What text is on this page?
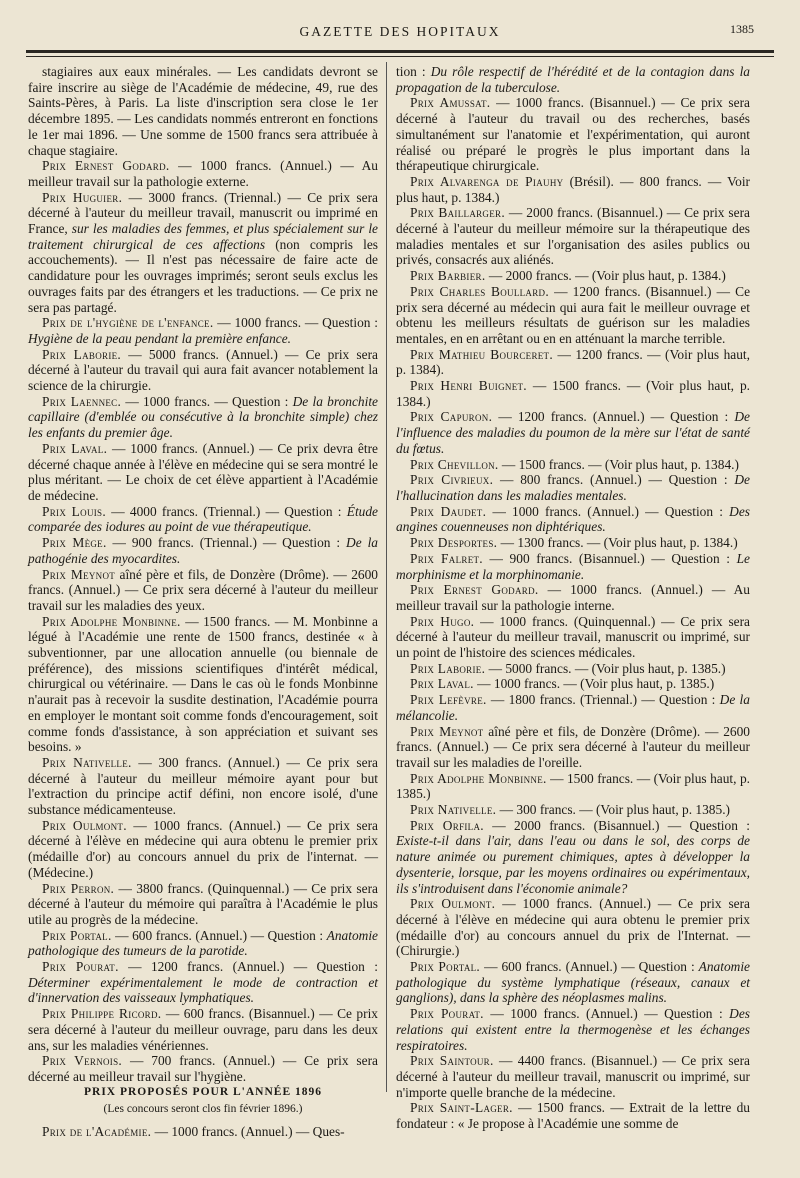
GAZETTE DES HOPITAUX	1385

stagiaires aux eaux minérales. — Les candidats devront se faire inscrire au siège de l'Académie de médecine, 49, rue des Saints-Pères, à Paris. La liste d'inscription sera close le 1er décembre 1895. — Les candidats nommés entreront en fonctions le 1er mai 1896. — Une somme de 1500 francs sera attribuée à chaque stagiaire.

Prix Ernest Godard. — 1000 francs. (Annuel.) — Au meilleur travail sur la pathologie externe.

Prix Huguier. — 3000 francs. (Triennal.) — Ce prix sera décerné à l'auteur du meilleur travail, manuscrit ou imprimé en France, sur les maladies des femmes, et plus spécialement sur le traitement chirurgical de ces affections (non compris les accouchements). — Il n'est pas nécessaire de faire acte de candidature pour les ouvrages imprimés; seront seuls exclus les ouvrages faits par des étrangers et les traductions. — Ce prix ne sera pas partagé.

Prix de l'hygiène de l'enfance. — 1000 francs. — Question : Hygiène de la peau pendant la première enfance.

Prix Laborie. — 5000 francs. (Annuel.) — Ce prix sera décerné à l'auteur du travail qui aura fait avancer notablement la science de la chirurgie.

Prix Laennec. — 1000 francs. — Question : De la bronchite capillaire (d'emblée ou consécutive à la bronchite simple) chez les enfants du premier âge.

Prix Laval. — 1000 francs. (Annuel.) — Ce prix devra être décerné chaque année à l'élève en médecine qui se sera montré le plus méritant. — Le choix de cet élève appartient à l'Académie de médecine.

Prix Louis. — 4000 francs. (Triennal.) — Question : Étude comparée des iodures au point de vue thérapeutique.

Prix Mège. — 900 francs. (Triennal.) — Question : De la pathogénie des myocardites.

Prix Meynot aîné père et fils, de Donzère (Drôme). — 2600 francs. (Annuel.) — Ce prix sera décerné à l'auteur du meilleur travail sur les maladies des yeux.

Prix Adolphe Monbinne. — 1500 francs. — M. Monbinne a légué à l'Académie une rente de 1500 francs, destinée « à subventionner, par une allocation annuelle (ou biennale de préférence), des missions scientifiques d'intérêt médical, chirurgical ou vétérinaire. — Dans le cas où le fonds Monbinne n'aurait pas à recevoir la susdite destination, l'Académie pourra en employer le montant soit comme fonds d'encouragement, soit comme fonds d'assistance, à son appréciation et suivant ses besoins. »

Prix Nativelle. — 300 francs. (Annuel.) — Ce prix sera décerné à l'auteur du meilleur mémoire ayant pour but l'extraction du principe actif défini, non encore isolé, d'une substance médicamenteuse.

Prix Oulmont. — 1000 francs. (Annuel.) — Ce prix sera décerné à l'élève en médecine qui aura obtenu le premier prix (médaille d'or) au concours annuel du prix de l'internat. — (Médecine.)

Prix Perron. — 3800 francs. (Quinquennal.) — Ce prix sera décerné à l'auteur du mémoire qui paraîtra à l'Académie le plus utile au progrès de la médecine.

Prix Portal. — 600 francs. (Annuel.) — Question : Anatomie pathologique des tumeurs de la parotide.

Prix Pourat. — 1200 francs. (Annuel.) — Question : Déterminer expérimentalement le mode de contraction et d'innervation des vaisseaux lymphatiques.

Prix Philippe Ricord. — 600 francs. (Bisannuel.) — Ce prix sera décerné à l'auteur du meilleur ouvrage, paru dans les deux ans, sur les maladies vénériennes.

Prix Vernois. — 700 francs. (Annuel.) — Ce prix sera décerné au meilleur travail sur l'hygiène.

PRIX PROPOSÉS POUR L'ANNÉE 1896

(Les concours seront clos fin février 1896.)

Prix de l'Académie. — 1000 francs. (Annuel.) — Ques-

tion : Du rôle respectif de l'hérédité et de la contagion dans la propagation de la tuberculose.

Prix Amussat. — 1000 francs. (Bisannuel.) — Ce prix sera décerné à l'auteur du travail ou des recherches, basés simultanément sur l'anatomie et l'expérimentation, qui auront réalisé ou préparé le progrès le plus important dans la thérapeutique chirurgicale.

Prix Alvarenga de Piauhy (Brésil). — 800 francs. — Voir plus haut, p. 1384.)

Prix Baillarger. — 2000 francs. (Bisannuel.) — Ce prix sera décerné à l'auteur du meilleur mémoire sur la thérapeutique des maladies mentales et sur l'organisation des asiles publics ou privés, consacrés aux aliénés.

Prix Barbier. — 2000 francs. — (Voir plus haut, p. 1384.)

Prix Charles Boullard. — 1200 francs. (Bisannuel.) — Ce prix sera décerné au médecin qui aura fait le meilleur ouvrage et obtenu les meilleurs résultats de guérison sur les maladies mentales, en en arrêtant ou en en atténuant la marche terrible.

Prix Mathieu Bourceret. — 1200 francs. — (Voir plus haut, p. 1384).

Prix Henri Buignet. — 1500 francs. — (Voir plus haut, p. 1384.)

Prix Capuron. — 1200 francs. (Annuel.) — Question : De l'influence des maladies du poumon de la mère sur l'état de santé du fœtus.

Prix Chevillon. — 1500 francs. — (Voir plus haut, p. 1384.)

Prix Civrieux. — 800 francs. (Annuel.) — Question : De l'hallucination dans les maladies mentales.

Prix Daudet. — 1000 francs. (Annuel.) — Question : Des angines couenneuses non diphtériques.

Prix Desportes. — 1300 francs. — (Voir plus haut, p. 1384.)

Prix Falret. — 900 francs. (Bisannuel.) — Question : Le morphinisme et la morphinomanie.

Prix Ernest Godard. — 1000 francs. (Annuel.) — Au meilleur travail sur la pathologie interne.

Prix Hugo. — 1000 francs. (Quinquennal.) — Ce prix sera décerné à l'auteur du meilleur travail, manuscrit ou imprimé, sur un point de l'histoire des sciences médicales.

Prix Laborie. — 5000 francs. — (Voir plus haut, p. 1385.)

Prix Laval. — 1000 francs. — (Voir plus haut, p. 1385.)

Prix Lefèvre. — 1800 francs. (Triennal.) — Question : De la mélancolie.

Prix Meynot aîné père et fils, de Donzère (Drôme). — 2600 francs. (Annuel.) — Ce prix sera décerné à l'auteur du meilleur travail sur les maladies de l'oreille.

Prix Adolphe Monbinne. — 1500 francs. — (Voir plus haut, p. 1385.)

Prix Nativelle. — 300 francs. — (Voir plus haut, p. 1385.)

Prix Orfila. — 2000 francs. (Bisannuel.) — Question : Existe-t-il dans l'air, dans l'eau ou dans le sol, des corps de nature animée ou purement chimiques, aptes à développer la dysenterie, lorsque, par les moyens ordinaires ou expérimentaux, ils s'introduisent dans l'économie animale?

Prix Oulmont. — 1000 francs. (Annuel.) — Ce prix sera décerné à l'élève en médecine qui aura obtenu le premier prix (médaille d'or) au concours annuel du prix de l'Internat. — (Chirurgie.)

Prix Portal. — 600 francs. (Annuel.) — Question : Anatomie pathologique du système lymphatique (réseaux, canaux et ganglions), dans la sphère des néoplasmes malins.

Prix Pourat. — 1000 francs. (Annuel.) — Question : Des relations qui existent entre la thermogenèse et les échanges respiratoires.

Prix Saintour. — 4400 francs. (Bisannuel.) — Ce prix sera décerné à l'auteur du meilleur travail, manuscrit ou imprimé, sur n'importe quelle branche de la médecine.

Prix Saint-Lager. — 1500 francs. — Extrait de la lettre du fondateur : « Je propose à l'Académie une somme de
